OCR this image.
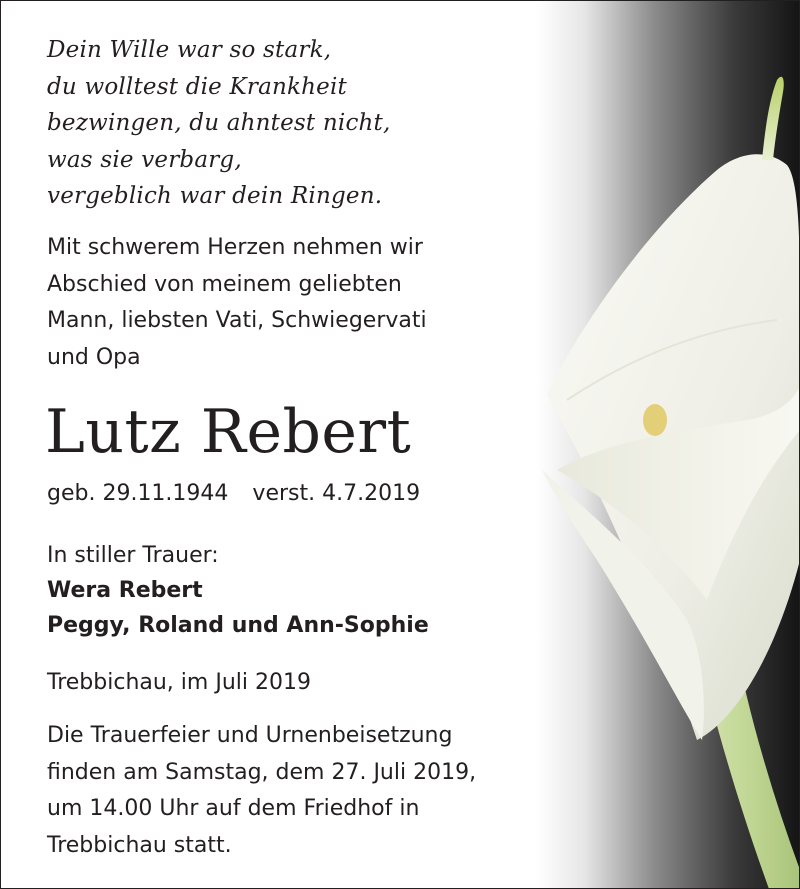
Dein Wille war so stark,
du wolltest die Krankheit
bezwingen, du ahntest nicht,
was sie verbarg,
vergeblich war dein Ringen.
Mit schwerem Herzen nehmen wir
Abschied von meinem geliebten
Mann, liebsten Vati, Schwiegervati
und Opa
Lutz Rebert
geb. 29.11.1944 verst. 4.7.2019
In stiller Trauer:
Wera Rebert
Peggy, Roland und Ann-Sophie
Trebbichau, im Juli 2019
Die Trauerfeier und Urnenbeisetzung
finden am Samstag, dem 27. Juli 2019,
um 14.00 Uhr auf dem Friedhof in
Trebbichau statt.
